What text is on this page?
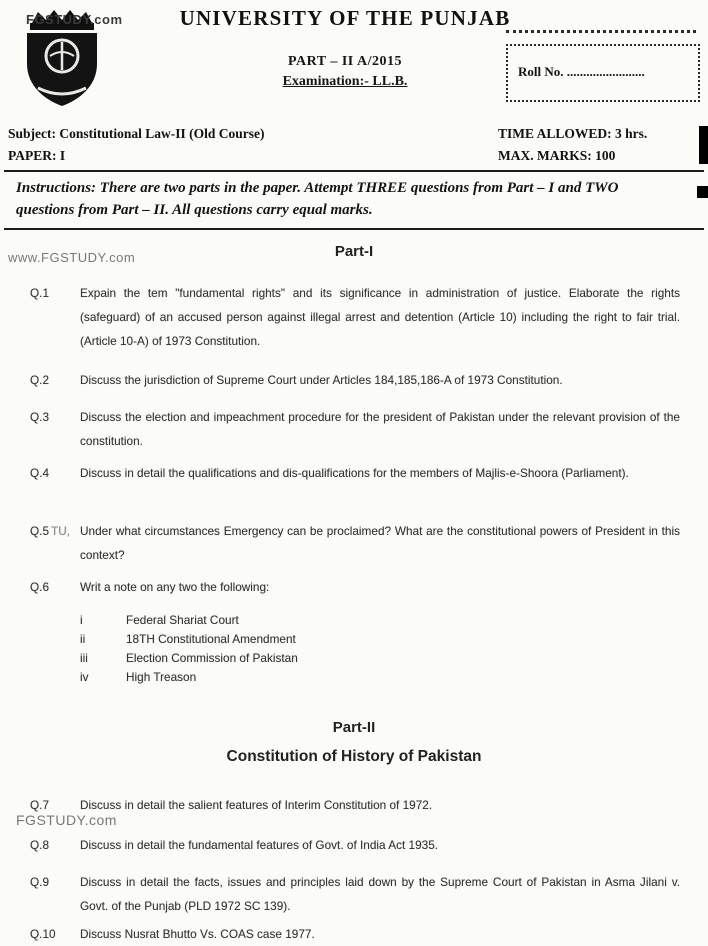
FGSTUDY.com	UNIVERSITY OF THE PUNJAB
PART – II A/2015
Examination:- LL.B.
Roll No. ........................
Subject: Constitutional Law-II (Old Course)	TIME ALLOWED: 3 hrs.
PAPER: I	MAX. MARKS: 100
Instructions: There are two parts in the paper. Attempt THREE questions from Part – I and TWO questions from Part – II. All questions carry equal marks.
www.FGSTUDY.com	Part-I
Q.1	Expain the tem "fundamental rights" and its significance in administration of justice. Elaborate the rights (safeguard) of an accused person against illegal arrest and detention (Article 10) including the right to fair trial. (Article 10-A) of 1973 Constitution.
Q.2	Discuss the jurisdiction of Supreme Court under Articles 184,185,186-A of 1973 Constitution.
Q.3	Discuss the election and impeachment procedure for the president of Pakistan under the relevant provision of the constitution.
Q.4	Discuss in detail the qualifications and dis-qualifications for the members of Majlis-e-Shoora (Parliament).
Q.5 TU, Under what circumstances Emergency can be proclaimed? What are the constitutional powers of President in this context?
Q.6	Writ a note on any two the following:
i	Federal Shariat Court
ii	18TH Constitutional Amendment
iii	Election Commission of Pakistan
iv	High Treason
Part-II
Constitution of History of Pakistan
Q.7	Discuss in detail the salient features of Interim Constitution of 1972.
FGSTUDY.com
Q.8	Discuss in detail the fundamental features of Govt. of India Act 1935.
Q.9	Discuss in detail the facts, issues and principles laid down by the Supreme Court of Pakistan in Asma Jilani v. Govt. of the Punjab (PLD 1972 SC 139).
Q.10 Discuss Nusrat Bhutto Vs. COAS case 1977.
